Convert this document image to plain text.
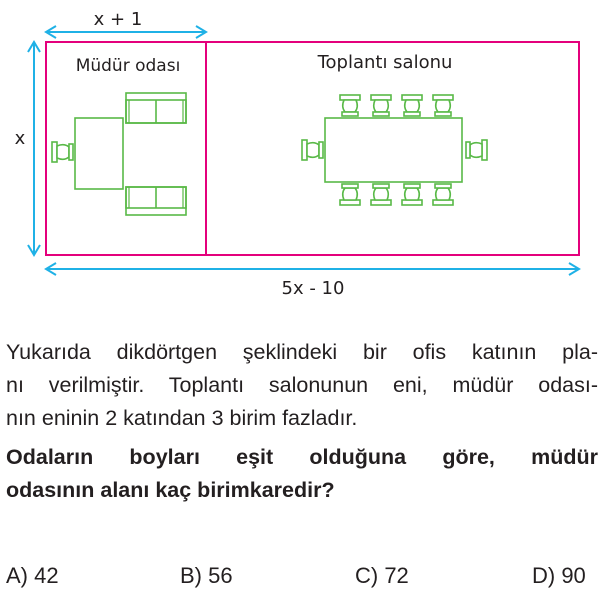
x + 1
x
5x - 10
Müdür odası	Toplantı salonu

Yukarıda dikdörtgen şeklindeki bir ofis katının pla-
nı verilmiştir. Toplantı salonunun eni, müdür odası-
nın eninin 2 katından 3 birim fazladır.

Odaların boyları eşit olduğuna göre, müdür
odasının alanı kaç birimkaredir?

A) 42	B) 56	C) 72	D) 90
